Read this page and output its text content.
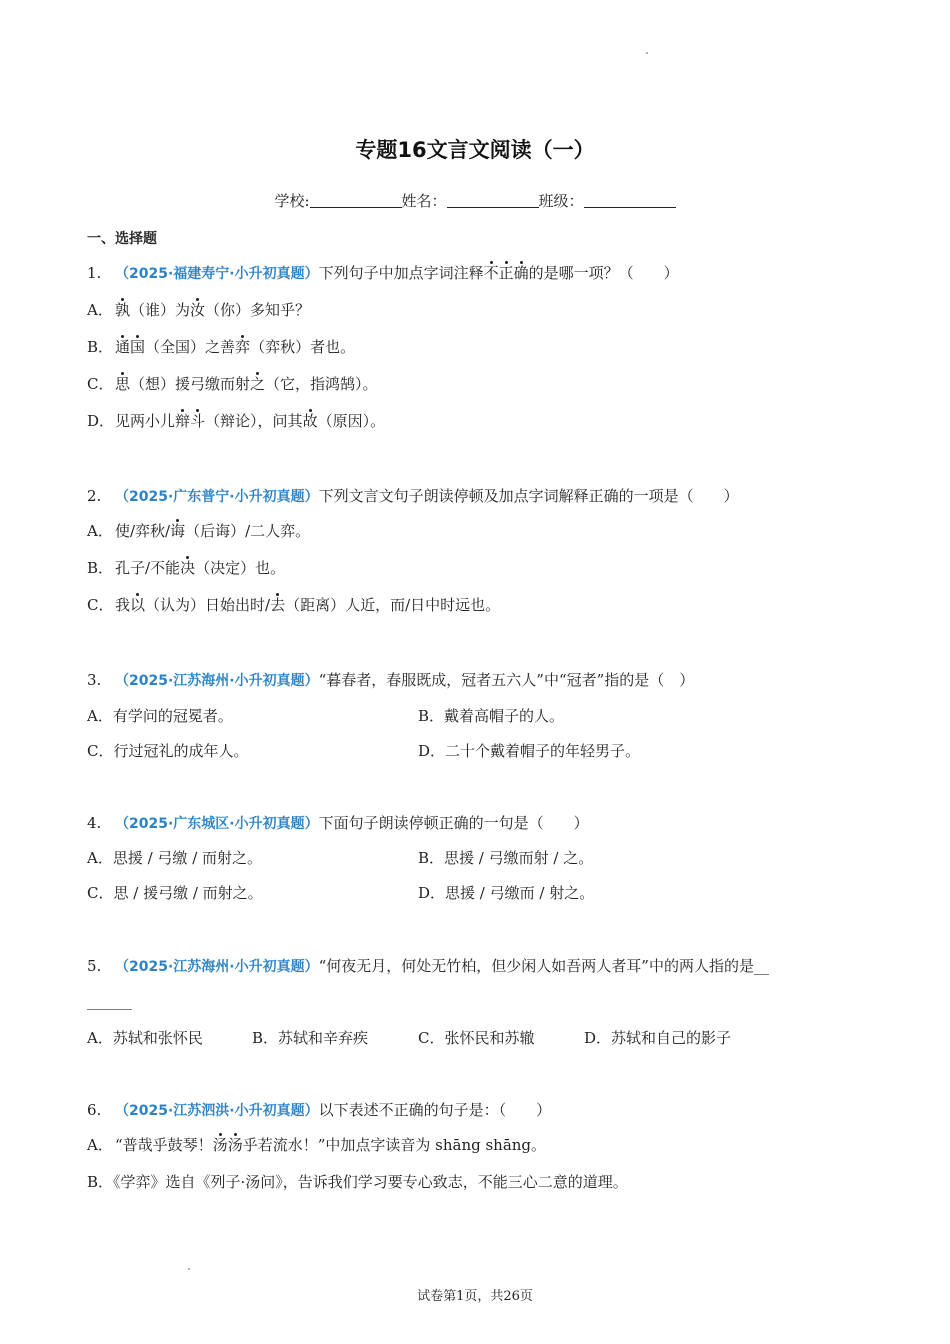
专题16文言文阅读（一）
学校:	姓名：	班级：
一、选择题
1. （2025·福建寿宁·小升初真题）下列句子中加点字词注释不正确的是哪一项？（　　）
A． 孰（谁）为汝（你）多知乎？
B． 通国（全国）之善弈（弈秋）者也。
C． 思（想）援弓缴而射之（它，指鸿鹄）。
D．见两小儿辩斗（辩论），问其故（原因）。
2. （2025·广东普宁·小升初真题）下列文言文句子朗读停顿及加点字词解释正确的一项是（　　）
A． 使/弈秋/诲（后诲）/二人弈。
B． 孔子/不能决（决定）也。
C． 我以（认为）日始出时/去（距离）人近，而/日中时远也。
3. （2025·江苏海州·小升初真题）“暮春者，春服既成，冠者五六人”中“冠者”指的是（　）
A．有学问的冠冕者。	B．戴着高帽子的人。
C．行过冠礼的成年人。	D．二十个戴着帽子的年轻男子。
4. （2025·广东城区·小升初真题）下面句子朗读停顿正确的一句是（　　）
A．思援 / 弓缴 / 而射之。	B．思援 / 弓缴而射 / 之。
C．思 / 援弓缴 / 而射之。	D．思援 / 弓缴而 / 射之。
5. （2025·江苏海州·小升初真题）“何夜无月，何处无竹柏，但少闲人如吾两人者耳”中的两人指的是__
______
A．苏轼和张怀民	B．苏轼和辛弃疾	C．张怀民和苏辙	D．苏轼和自己的影子
6. （2025·江苏泗洪·小升初真题）以下表述不正确的句子是：（　　）
A． “普哉乎鼓琴！汤汤乎若流水！”中加点字读音为 shāng shāng。
B．《学弈》选自《列子·汤问》，告诉我们学习要专心致志，不能三心二意的道理。
试卷第1页，共26页
